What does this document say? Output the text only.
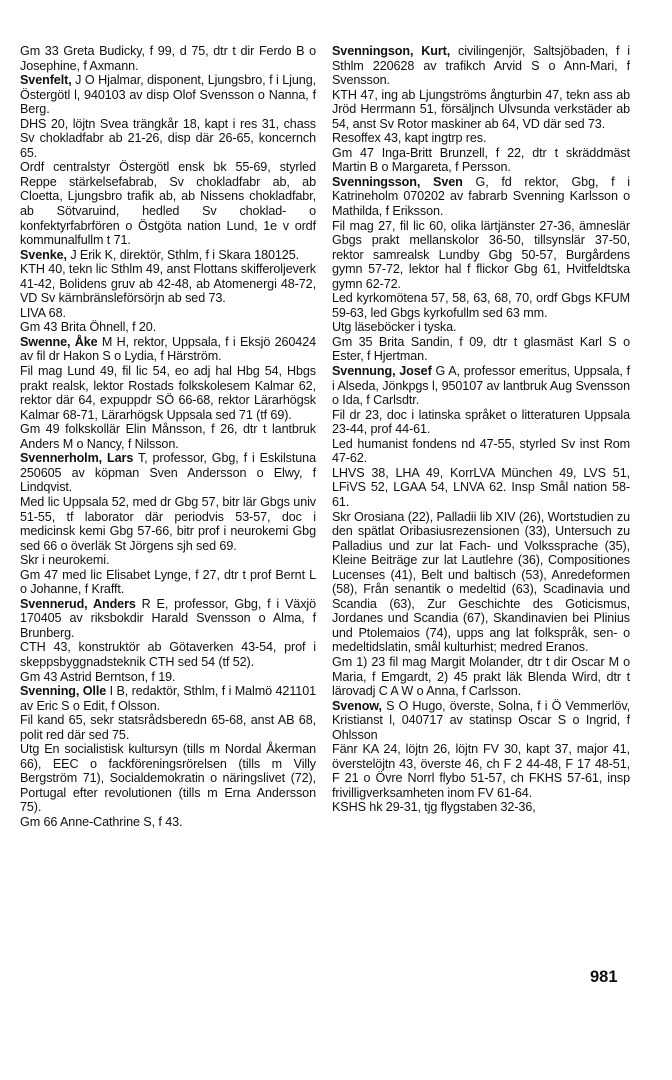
Gm 33 Greta Budicky, f 99, d 75, dtr t dir Ferdo B o Josephine, f Axmann.

Svenfelt, J O Hjalmar, disponent, Ljungsbro, f i Ljung, Östergötl l, 940103 av disp Olof Svensson o Nanna, f Berg.

DHS 20, löjtn Svea trängkår 18, kapt i res 31, chass Sv chokladfabr ab 21-26, disp där 26-65, koncernch 65.

Ordf centralstyr Östergötl ensk bk 55-69, styrled Reppe stärkelsefabrab, Sv chokladfabr ab, ab Cloetta, Ljungsbro trafik ab, ab Nissens chokladfabr, ab Sötvaruind, hedled Sv choklad- o konfektyrfabrfören o Östgöta nation Lund, 1e v ordf kommunalfullm t 71.

Svenke, J Erik K, direktör, Sthlm, f i Skara 180125.

KTH 40, tekn lic Sthlm 49, anst Flottans skifferoljeverk 41-42, Bolidens gruv ab 42-48, ab Atomenergi 48-72, VD Sv kärnbränsleförsörjn ab sed 73.

LIVA 68.

Gm 43 Brita Öhnell, f 20.

Swenne, Åke M H, rektor, Uppsala, f i Eksjö 260424 av fil dr Hakon S o Lydia, f Härström.

Fil mag Lund 49, fil lic 54, eo adj hal Hbg 54, Hbgs prakt realsk, lektor Rostads folkskolesem Kalmar 62, rektor där 64, expuppdr SÖ 66-68, rektor Lärarhögsk Kalmar 68-71, Lärarhögsk Uppsala sed 71 (tf 69).

Gm 49 folkskollär Elin Månsson, f 26, dtr t lantbruk Anders M o Nancy, f Nilsson.

Svennerholm, Lars T, professor, Gbg, f i Eskilstuna 250605 av köpman Sven Andersson o Elwy, f Lindqvist.

Med lic Uppsala 52, med dr Gbg 57, bitr lär Gbgs univ 51-55, tf laborator där periodvis 53-57, doc i medicinsk kemi Gbg 57-66, bitr prof i neurokemi Gbg sed 66 o överläk St Jörgens sjh sed 69.

Skr i neurokemi.

Gm 47 med lic Elisabet Lynge, f 27, dtr t prof Bernt L o Johanne, f Krafft.

Svennerud, Anders R E, professor, Gbg, f i Växjö 170405 av riksbokdir Harald Svensson o Alma, f Brunberg.

CTH 43, konstruktör ab Götaverken 43-54, prof i skeppsbyggnadsteknik CTH sed 54 (tf 52).

Gm 43 Astrid Berntson, f 19.

Svenning, Olle I B, redaktör, Sthlm, f i Malmö 421101 av Eric S o Edit, f Olsson.

Fil kand 65, sekr statsrådsberedn 65-68, anst AB 68, polit red där sed 75.

Utg En socialistisk kultursyn (tills m Nordal Åkerman 66), EEC o fackföreningsrörelsen (tills m Villy Bergström 71), Socialdemokratin o näringslivet (72), Portugal efter revolutionen (tills m Erna Andersson 75).

Gm 66 Anne-Cathrine S, f 43.

Svenningson, Kurt, civilingenjör, Saltsjöbaden, f i Sthlm 220628 av trafikch Arvid S o Ann-Mari, f Svensson.

KTH 47, ing ab Ljungströms ångturbin 47, tekn ass ab Jröd Herrmann 51, försäljnch Ulvsunda verkstäder ab 54, anst Sv Rotor maskiner ab 64, VD där sed 73.

Resoffex 43, kapt ingtrp res.

Gm 47 Inga-Britt Brunzell, f 22, dtr t skräddmäst Martin B o Margareta, f Persson.

Svenningsson, Sven G, fd rektor, Gbg, f i Katrineholm 070202 av fabrarb Svenning Karlsson o Mathilda, f Eriksson.

Fil mag 27, fil lic 60, olika lärtjänster 27-36, ämneslär Gbgs prakt mellanskolor 36-50, tillsynslär 37-50, rektor samrealsk Lundby Gbg 50-57, Burgårdens gymn 57-72, lektor hal f flickor Gbg 61, Hvitfeldtska gymn 62-72.

Led kyrkomötena 57, 58, 63, 68, 70, ordf Gbgs KFUM 59-63, led Gbgs kyrkofullm sed 63 mm.

Utg läseböcker i tyska.

Gm 35 Brita Sandin, f 09, dtr t glasmäst Karl S o Ester, f Hjertman.

Svennung, Josef G A, professor emeritus, Uppsala, f i Alseda, Jönkpgs l, 950107 av lantbruk Aug Svensson o Ida, f Carlsdtr.

Fil dr 23, doc i latinska språket o litteraturen Uppsala 23-44, prof 44-61.

Led humanist fondens nd 47-55, styrled Sv inst Rom 47-62.

LHVS 38, LHA 49, KorrLVA München 49, LVS 51, LFiVS 52, LGAA 54, LNVA 62. Insp Smål nation 58-61.

Skr Orosiana (22), Palladii lib XIV (26), Wortstudien zu den spätlat Oribasiusrezensionen (33), Untersuch zu Palladius und zur lat Fach- und Volkssprache (35), Kleine Beiträge zur lat Lautlehre (36), Compositiones Lucenses (41), Belt und baltisch (53), Anredeformen (58), Från senantik o medeltid (63), Scadinavia und Scandia (63), Zur Geschichte des Goticismus, Jordanes und Scandia (67), Skandinavien bei Plinius und Ptolemaios (74), upps ang lat folkspråk, sen- o medeltidslatin, smål kulturhist; medred Eranos.

Gm 1) 23 fil mag Margit Molander, dtr t dir Oscar M o Maria, f Emgardt, 2) 45 prakt läk Blenda Wird, dtr t lärovadj C A W o Anna, f Carlsson.

Svenow, S O Hugo, överste, Solna, f i Ö Vemmerlöv, Kristianst l, 040717 av statinsp Oscar S o Ingrid, f Ohlsson

Fänr KA 24, löjtn 26, löjtn FV 30, kapt 37, major 41, överstelöjtn 43, överste 46, ch F 2 44-48, F 17 48-51, F 21 o Övre Norrl flybo 51-57, ch FKHS 57-61, insp frivilligverksamheten inom FV 61-64.

KSHS hk 29-31, tjg flygstaben 32-36,

981
